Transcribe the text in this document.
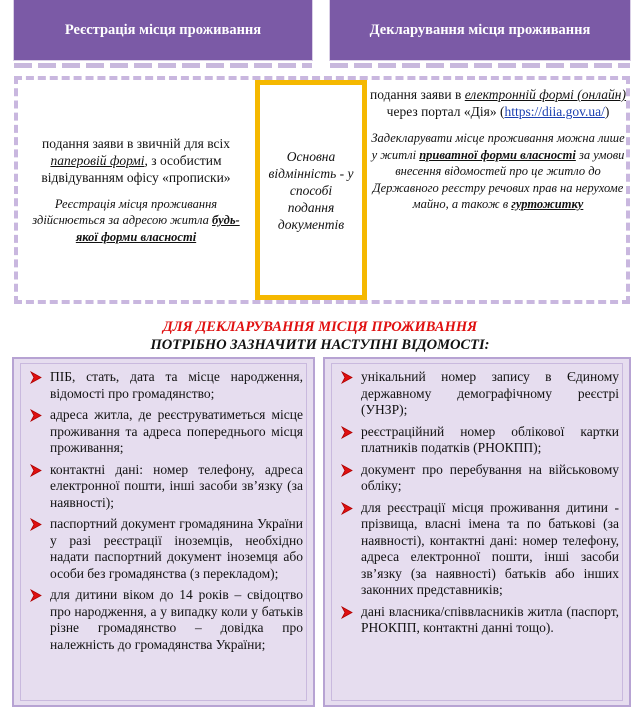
Реєстрація місця проживання	Декларування місця проживання
подання заяви в звичній для всіх паперовій формі, з особистим відвідуванням офісу «прописки»
Реєстрація місця проживання здійснюється за адресою житла будь-якої форми власності
Основна відмінність - у способі подання документів
подання заяви в електронній формі (онлайн) через портал «Дія» (https://diia.gov.ua/)
Задекларувати місце проживання можна лише у житлі приватної форми власності за умови внесення відомостей про це житло до Державного реєстру речових прав на нерухоме майно, а також в гуртожитку
ДЛЯ ДЕКЛАРУВАННЯ МІСЦЯ ПРОЖИВАННЯ
ПОТРІБНО ЗАЗНАЧИТИ НАСТУПНІ ВІДОМОСТІ:
ПІБ, стать, дата та місце народження, відомості про громадянство;
адреса житла, де реєструватиметься місце проживання та адреса попереднього місця проживання;
контактні дані: номер телефону, адреса електронної пошти, інші засоби зв’язку (за наявності);
паспортний документ громадянина України у разі реєстрації іноземців, необхідно надати паспортний документ іноземця або особи без громадянства (з перекладом);
для дитини віком до 14 років – свідоцтво про народження, а у випадку коли у батьків різне громадянство – довідка про належність до громадянства України;
унікальний номер запису в Єдиному державному демографічному реєстрі (УНЗР);
реєстраційний номер облікової картки платників податків (РНОКПП);
документ про перебування на військовому обліку;
для реєстрації місця проживання дитини - прізвища, власні імена та по батькові (за наявності), контактні дані: номер телефону, адреса електронної пошти, інші засоби зв’язку (за наявності) батьків або інших законних представників;
дані власника/співвласників житла (паспорт, РНОКПП, контактні данні тощо).
